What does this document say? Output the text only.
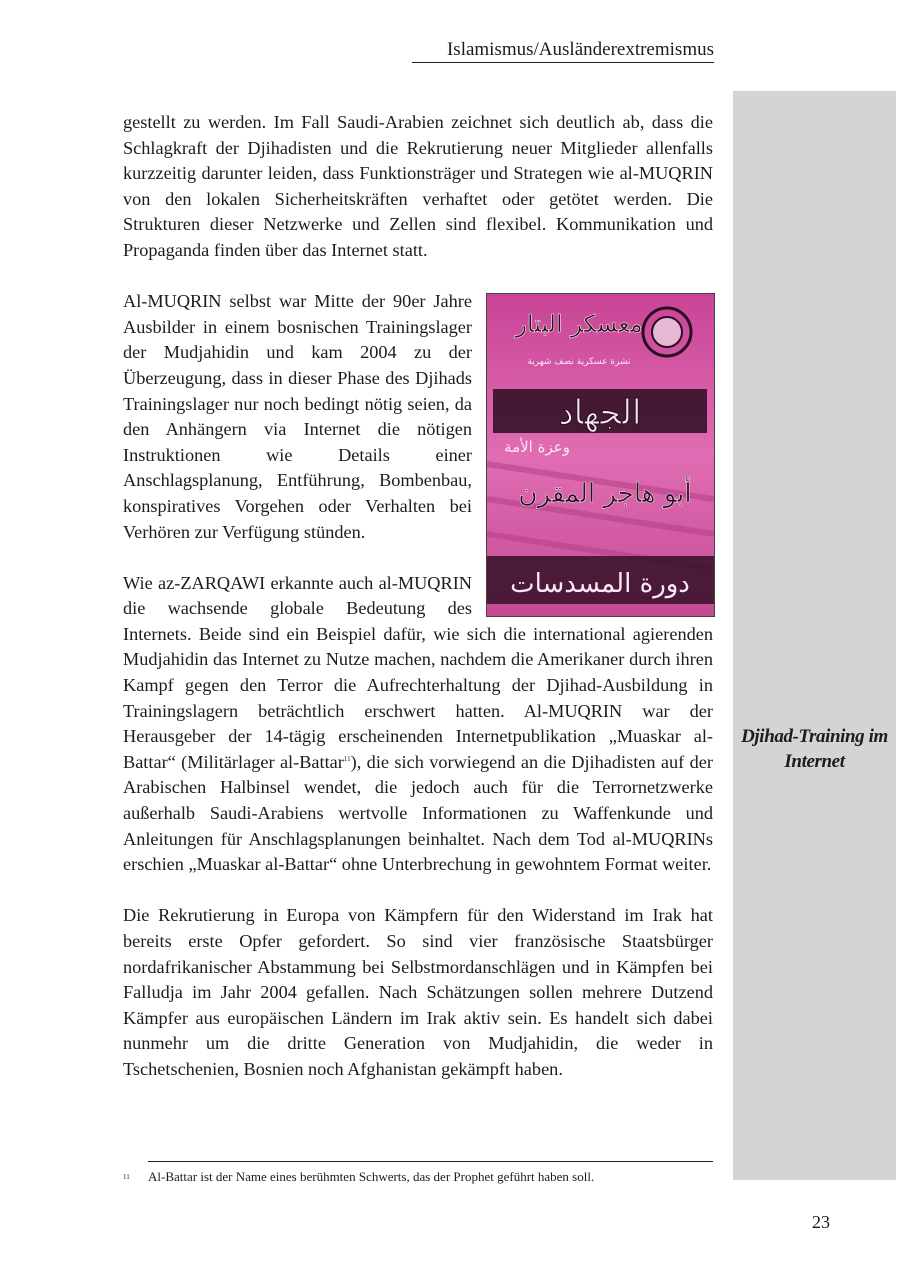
Islamismus/Ausländerextremismus
Djihad-Training im Internet

gestellt zu werden. Im Fall Saudi-Arabien zeichnet sich deutlich ab, dass die Schlagkraft der Djihadisten und die Rekrutierung neuer Mitglieder allenfalls kurzzeitig darunter leiden, dass Funktionsträger und Strategen wie al-MUQRIN von den lokalen Sicherheitskräften verhaftet oder getötet werden. Die Strukturen dieser Netzwerke und Zellen sind flexibel. Kommunikation und Propaganda finden über das Internet statt.

معسكر البتار
نشرة عسكرية نصف شهرية
الجهاد
وعزة الأمة
أبو هاجر المقرن
دورة المسدسات
Al-MUQRIN selbst war Mitte der 90er Jahre Ausbilder in einem bosnischen Trainingslager der Mudjahidin und kam 2004 zu der Überzeugung, dass in dieser Phase des Djihads Trainingslager nur noch bedingt nötig seien, da den Anhängern via Internet die nötigen Instruktionen wie Details einer Anschlagsplanung, Entführung, Bombenbau, konspiratives Vorgehen oder Verhalten bei Verhören zur Verfügung stünden.

Wie az-ZARQAWI erkannte auch al-MUQRIN die wachsende globale Bedeutung des Internets. Beide sind ein Beispiel dafür, wie sich die international agierenden Mudjahidin das Internet zu Nutze machen, nachdem die Amerikaner durch ihren Kampf gegen den Terror die Aufrechterhaltung der Djihad-Ausbildung in Trainingslagern beträchtlich erschwert hatten. Al-MUQRIN war der Herausgeber der 14-tägig erscheinenden Internetpublikation „Muaskar al-Battar“ (Militärlager al-Battar$^{11}$), die sich vorwiegend an die Djihadisten auf der Arabischen Halbinsel wendet, die jedoch auch für die Terrornetzwerke außerhalb Saudi-Arabiens wertvolle Informationen zu Waffenkunde und Anleitungen für Anschlagsplanungen beinhaltet. Nach dem Tod al-MUQRINs erschien „Muaskar al-Battar“ ohne Unterbrechung in gewohntem Format weiter.

Die Rekrutierung in Europa von Kämpfern für den Widerstand im Irak hat bereits erste Opfer gefordert. So sind vier französische Staatsbürger nordafrikanischer Abstammung bei Selbstmordanschlägen und in Kämpfen bei Falludja im Jahr 2004 gefallen. Nach Schätzungen sollen mehrere Dutzend Kämpfer aus europäischen Ländern im Irak aktiv sein. Es handelt sich dabei nunmehr um die dritte Generation von Mudjahidin, die weder in Tschetschenien, Bosnien noch Afghanistan gekämpft haben.

11 Al-Battar ist der Name eines berühmten Schwerts, das der Prophet geführt haben soll.
23
